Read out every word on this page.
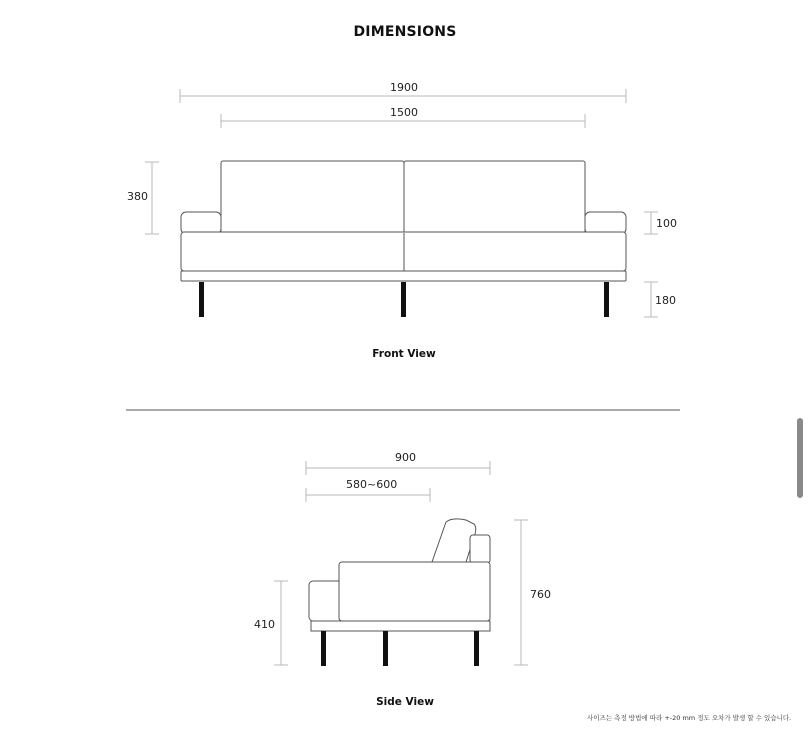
DIMENSIONS
1900
1500
380
100
180
Front View
900
580~600
410
760
Side View
사이즈는 측정 방법에 따라 +-20 mm 정도 오차가 발생 할 수 있습니다.
